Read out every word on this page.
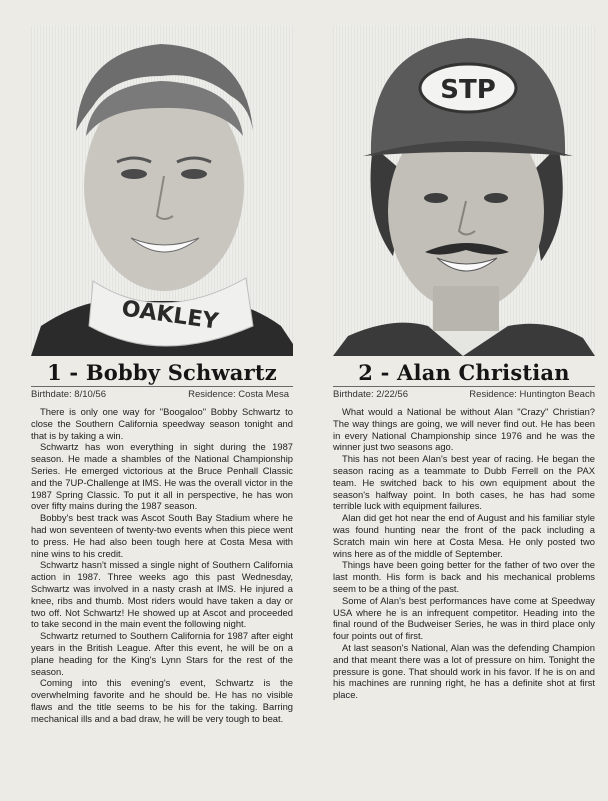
OAKLEY
1 - Bobby Schwartz
Birthdate: 8/10/56	Residence: Costa Mesa

There is only one way for "Boogaloo" Bobby Schwartz to close the Southern California speedway season tonight and that is by taking a win.

Schwartz has won everything in sight during the 1987 season. He made a shambles of the National Championship Series. He emerged victorious at the Bruce Penhall Classic and the 7UP-Challenge at IMS. He was the overall victor in the 1987 Spring Classic. To put it all in perspective, he has won over fifty mains during the 1987 season.

Bobby's best track was Ascot South Bay Stadium where he had won seventeen of twenty-two events when this piece went to press. He had also been tough here at Costa Mesa with nine wins to his credit.

Schwartz hasn't missed a single night of Southern California action in 1987. Three weeks ago this past Wednesday, Schwartz was involved in a nasty crash at IMS. He injured a knee, ribs and thumb. Most riders would have taken a day or two off. Not Schwartz! He showed up at Ascot and proceeded to take second in the main event the following night.

Schwartz returned to Southern California for 1987 after eight years in the British League. After this event, he will be on a plane heading for the King's Lynn Stars for the rest of the season.

Coming into this evening's event, Schwartz is the overwhelming favorite and he should be. He has no visible flaws and the title seems to be his for the taking. Barring mechanical ills and a bad draw, he will be very tough to beat.

STP
2 - Alan Christian
Birthdate: 2/22/56	Residence: Huntington Beach

What would a National be without Alan "Crazy" Christian? The way things are going, we will never find out. He has been in every National Championship since 1976 and he was the winner just two seasons ago.

This has not been Alan's best year of racing. He began the season racing as a teammate to Dubb Ferrell on the PAX team. He switched back to his own equipment about the season's halfway point. In both cases, he has had some terrible luck with equipment failures.

Alan did get hot near the end of August and his familiar style was found hunting near the front of the pack including a Scratch main win here at Costa Mesa. He only posted two wins here as of the middle of September.

Things have been going better for the father of two over the last month. His form is back and his mechanical problems seem to be a thing of the past.

Some of Alan's best performances have come at Speedway USA where he is an infrequent competitor. Heading into the final round of the Budweiser Series, he was in third place only four points out of first.

At last season's National, Alan was the defending Champion and that meant there was a lot of pressure on him. Tonight the pressure is gone. That should work in his favor. If he is on and his machines are running right, he has a definite shot at first place.
